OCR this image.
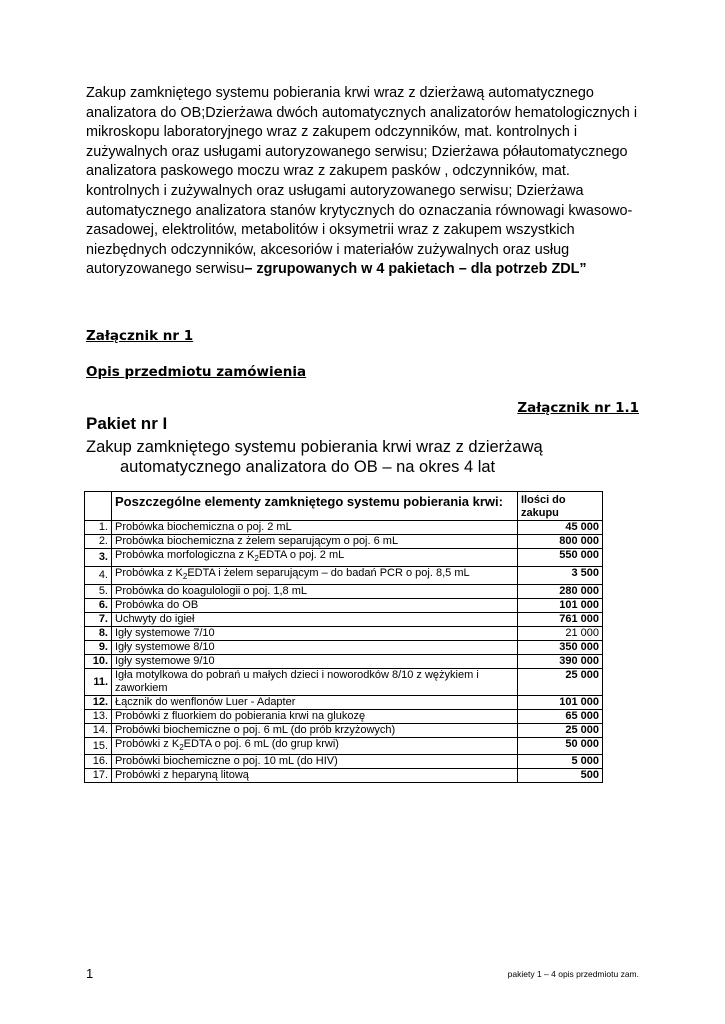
Zakup zamkniętego systemu pobierania krwi wraz z dzierżawą automatycznego analizatora do OB;Dzierżawa dwóch automatycznych analizatorów hematologicznych i mikroskopu laboratoryjnego wraz z zakupem odczynników, mat. kontrolnych i zużywalnych oraz usługami autoryzowanego serwisu; Dzierżawa półautomatycznego analizatora paskowego moczu wraz z zakupem pasków , odczynników, mat. kontrolnych i zużywalnych oraz usługami autoryzowanego serwisu; Dzierżawa automatycznego analizatora stanów krytycznych do oznaczania równowagi kwasowo-zasadowej, elektrolitów, metabolitów i oksymetrii wraz z zakupem wszystkich niezbędnych odczynników, akcesoriów i materiałów zużywalnych oraz usług autoryzowanego serwisu– zgrupowanych w 4 pakietach – dla potrzeb ZDL”
Załącznik nr 1
Opis przedmiotu zamówienia
Załącznik nr 1.1
Pakiet nr I
Zakup zamkniętego systemu pobierania krwi wraz z dzierżawą
automatycznego analizatora do OB – na okres 4 lat
	Poszczególne elementy zamkniętego systemu pobierania krwi:	Ilości do zakupu
1.	Probówka biochemiczna o poj. 2 mL	45 000
2.	Probówka biochemiczna z żelem separującym o poj. 6 mL	800 000
3.	Probówka morfologiczna z $K_2EDTA$ o poj. 2 mL	550 000
4.	Probówka z $K_2EDTA$ i żelem separującym – do badań PCR o poj. 8,5 mL	3 500
5.	Probówka do koagulologii o poj. 1,8 mL	280 000
6.	Probówka do OB	101 000
7.	Uchwyty do igieł	761 000
8.	Igły systemowe 7/10	21 000
9.	Igły systemowe 8/10	350 000
10.	Igły systemowe 9/10	390 000
11.	Igła motylkowa do pobrań u małych dzieci i noworodków 8/10 z wężykiem i zaworkiem	25 000
12.	Łącznik do wenflonów Luer - Adapter	101 000
13.	Probówki z fluorkiem do pobierania krwi na glukozę	65 000
14.	Probówki biochemiczne o poj. 6 mL (do prób krzyżowych)	25 000
15.	Probówki z $K_2EDTA$ o poj. 6 mL (do grup krwi)	50 000
16.	Probówki biochemiczne o poj. 10 mL (do HIV)	5 000
17.	Probówki z heparyną litową	500
1	pakiety 1 – 4 opis przedmiotu zam.
